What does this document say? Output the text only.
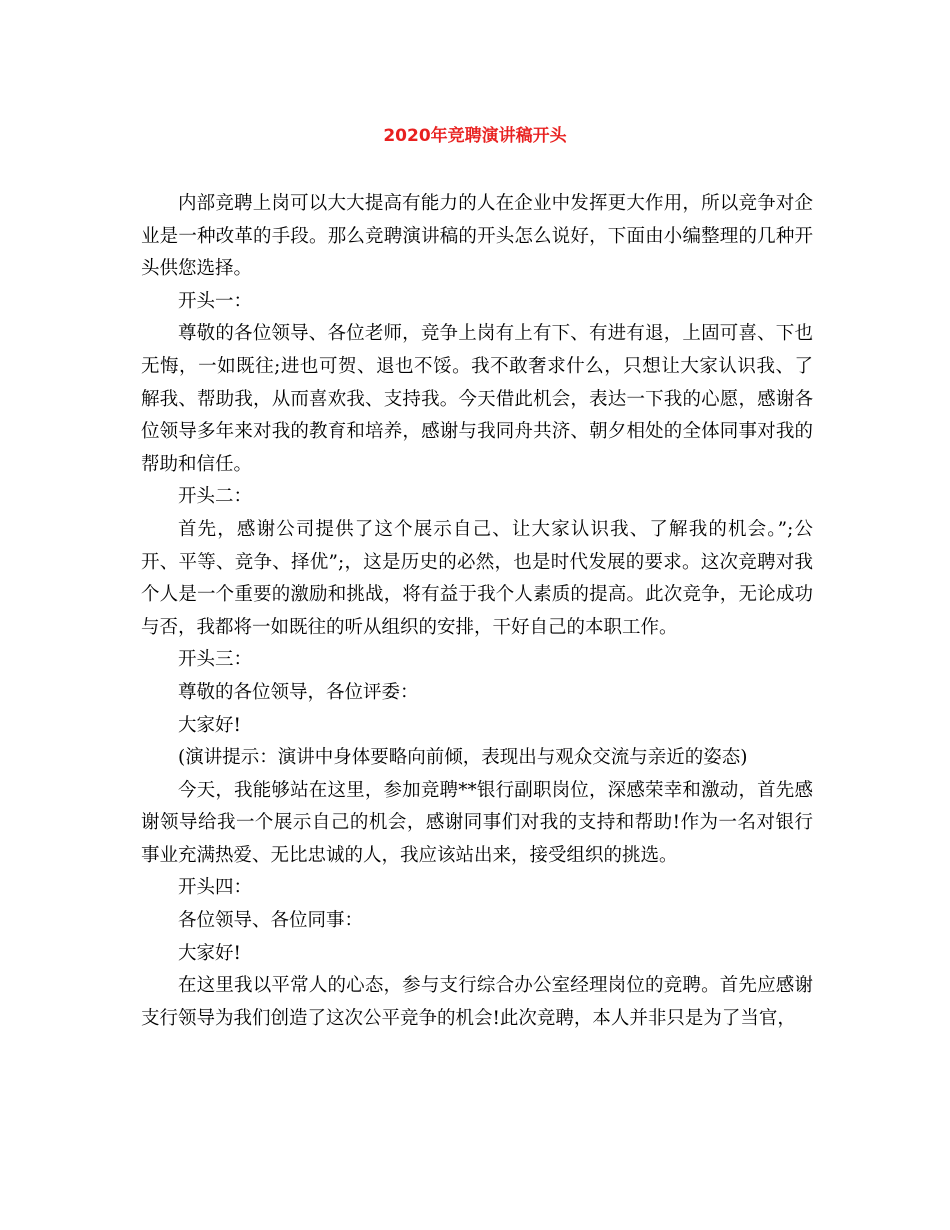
2020年竞聘演讲稿开头

内部竞聘上岗可以大大提高有能力的人在企业中发挥更大作用，所以竞争对企业是一种改革的手段。那么竞聘演讲稿的开头怎么说好，下面由小编整理的几种开头供您选择。

开头一：

尊敬的各位领导、各位老师，竞争上岗有上有下、有进有退，上固可喜、下也无悔，一如既往;进也可贺、退也不馁。我不敢奢求什么，只想让大家认识我、了解我、帮助我，从而喜欢我、支持我。今天借此机会，表达一下我的心愿，感谢各位领导多年来对我的教育和培养，感谢与我同舟共济、朝夕相处的全体同事对我的帮助和信任。

开头二：

首先，感谢公司提供了这个展示自己、让大家认识我、了解我的机会。”;公开、平等、竞争、择优”;，这是历史的必然，也是时代发展的要求。这次竞聘对我个人是一个重要的激励和挑战，将有益于我个人素质的提高。此次竞争，无论成功与否，我都将一如既往的听从组织的安排，干好自己的本职工作。

开头三：

尊敬的各位领导，各位评委：

大家好!

(演讲提示：演讲中身体要略向前倾，表现出与观众交流与亲近的姿态)

今天，我能够站在这里，参加竞聘**银行副职岗位，深感荣幸和激动，首先感谢领导给我一个展示自己的机会，感谢同事们对我的支持和帮助!作为一名对银行事业充满热爱、无比忠诚的人，我应该站出来，接受组织的挑选。

开头四：

各位领导、各位同事：

大家好!

在这里我以平常人的心态，参与支行综合办公室经理岗位的竞聘。首先应感谢支行领导为我们创造了这次公平竞争的机会!此次竞聘，本人并非只是为了当官，
